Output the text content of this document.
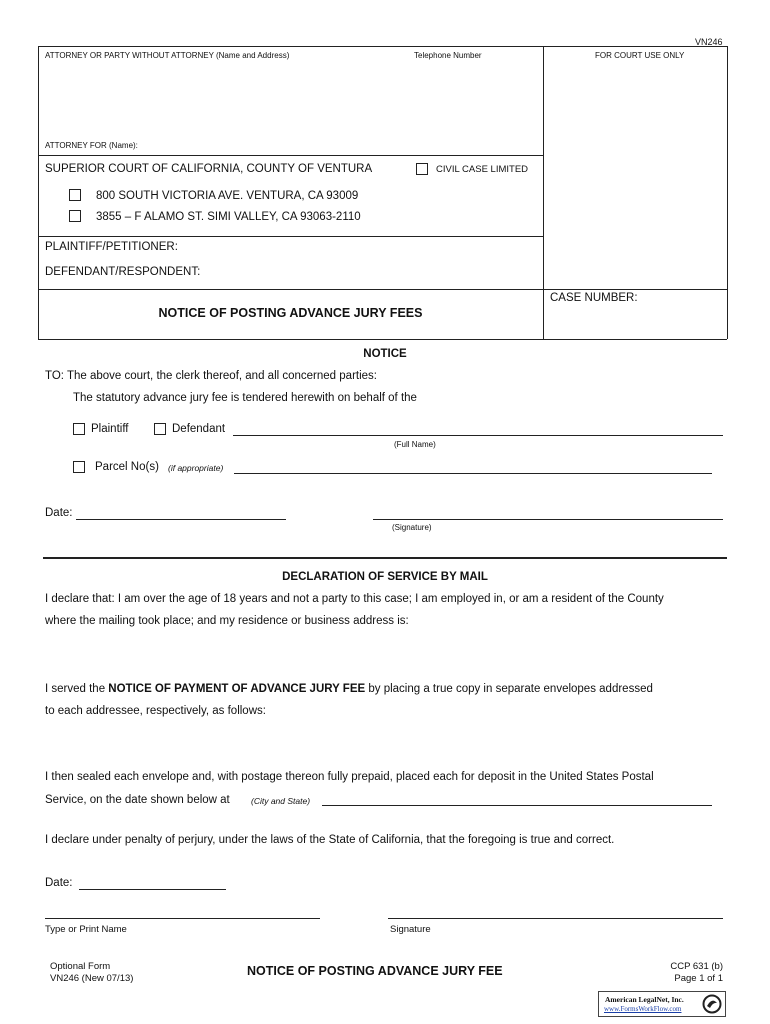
VN246
ATTORNEY OR PARTY WITHOUT ATTORNEY (Name and Address)	Telephone Number	FOR COURT USE ONLY
ATTORNEY FOR (Name):
SUPERIOR COURT OF CALIFORNIA, COUNTY OF VENTURA	CIVIL CASE LIMITED
800 SOUTH VICTORIA AVE. VENTURA, CA 93009
3855 – F ALAMO ST. SIMI VALLEY, CA 93063-2110
PLAINTIFF/PETITIONER:
DEFENDANT/RESPONDENT:
NOTICE OF POSTING ADVANCE JURY FEES
CASE NUMBER:
NOTICE
TO: The above court, the clerk thereof, and all concerned parties:
The statutory advance jury fee is tendered herewith on behalf of the
Plaintiff	Defendant
(Full Name)
Parcel No(s) (if appropriate)
Date:
(Signature)
DECLARATION OF SERVICE BY MAIL
I declare that: I am over the age of 18 years and not a party to this case; I am employed in, or am a resident of the County
where the mailing took place; and my residence or business address is:
I served the NOTICE OF PAYMENT OF ADVANCE JURY FEE by placing a true copy in separate envelopes addressed
to each addressee, respectively, as follows:
I then sealed each envelope and, with postage thereon fully prepaid, placed each for deposit in the United States Postal
Service, on the date shown below at (City and State)
I declare under penalty of perjury, under the laws of the State of California, that the foregoing is true and correct.
Date:
Type or Print Name	Signature
Optional Form
VN246 (New 07/13)
NOTICE OF POSTING ADVANCE JURY FEE	CCP 631 (b)
Page 1 of 1
American LegalNet, Inc.
www.FormsWorkFlow.com
